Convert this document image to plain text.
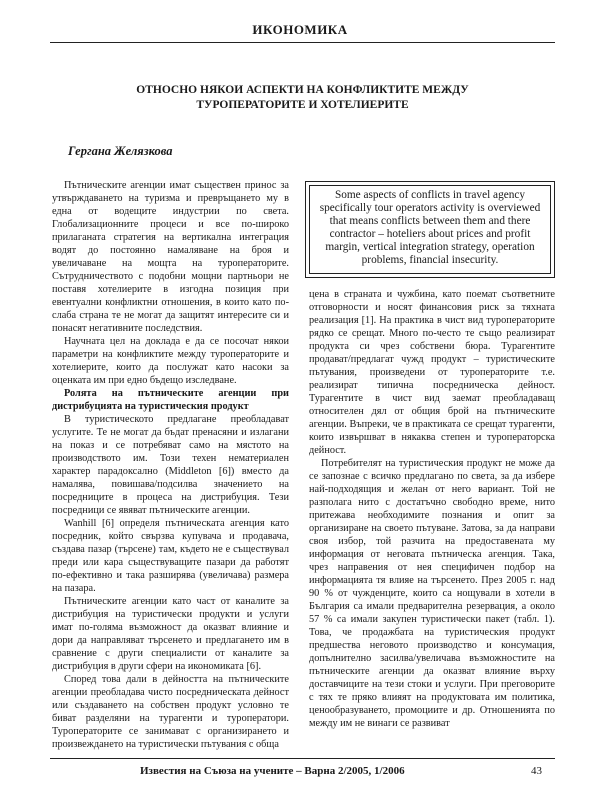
ИКОНОМИКА
ОТНОСНО НЯКОИ АСПЕКТИ НА КОНФЛИКТИТЕ МЕЖДУ
ТУРОПЕРАТОРИТЕ И ХОТЕЛИЕРИТЕ
Гергана Желязкова
Some aspects of conflicts in travel agency specifically tour operators activity is overviewed that means conflicts between them and there contractor – hoteliers about prices and profit margin, vertical integration strategy, operation problems, financial insecurity.

Пътническите агенции имат съществен принос за утвърждаването на туризма и превръщането му в една от водещите индустрии по света. Глобализационните процеси и все по-широко прилаганата стратегия на вертикална интеграция водят до постоянно намаляване на броя и увеличаване на мощта на туроператорите. Сътрудничеството с подобни мощни партньори не поставя хотелиерите в изгодна позиция при евентуални конфликтни отношения, в които като по-слаба страна те не могат да защитят интересите си и понасят негативните последствия.

Научната цел на доклада е да се посочат някои параметри на конфликтите между туроператорите и хотелиерите, които да послужат като насоки за оценката им при едно бъдещо изследване.

Ролята на пътническите агенции при дистрибуцията на туристическия продукт

В туристическото предлагане преобладават услугите. Те не могат да бъдат пренасяни и излагани на показ и се потребяват само на мястото на производството им. Този техен нематериален характер парадоксално (Middleton [6]) вместо да намалява, повишава/подсилва значението на посредниците в процеса на дистрибуция. Тези посредници се явяват пътническите агенции.

Wanhill [6] определя пътническата агенция като посредник, който свързва купувача и продавача, създава пазар (търсене) там, където не е съществувал преди или кара съществуващите пазари да работят по-ефективно и така разширява (увеличава) размера на пазара.

Пътническите агенции като част от каналите за дистрибуция на туристически продукти и услуги имат по-голяма възможност да оказват влияние и дори да направляват търсенето и предлагането им в сравнение с други специалисти от каналите за дистрибуция в други сфери на икономиката [6].

Според това дали в дейността на пътническите агенции преобладава чисто посредническата дейност или създаването на собствен продукт условно те биват разделяни на турагенти и туроператори. Туроператорите се занимават с организирането и произвеждането на туристически пътувания с обща

цена в страната и чужбина, като поемат съответните отговорности и носят финансовия риск за тяхната реализация [1]. На практика в чист вид туроператорите рядко се срещат. Много по-често те също реализират продукта си чрез собствени бюра. Турагентите продават/предлагат чужд продукт – туристическите пътувания, произведени от туроператорите т.е. реализират типична посредническа дейност. Турагентите в чист вид заемат преобладаващ относителен дял от общия брой на пътническите агенции. Въпреки, че в практиката се срещат турагенти, които извършват в някаква степен и туроператорска дейност.

Потребителят на туристическия продукт не може да се запознае с всичко предлагано по света, за да избере най-подходящия и желан от него вариант. Той не разполага нито с достатъчно свободно време, нито притежава необходимите познания и опит за организиране на своето пътуване. Затова, за да направи своя избор, той разчита на предоставената му информация от неговата пътническа агенция. Така, чрез направения от нея специфичен подбор на информацията тя влияе на търсенето. През 2005 г. над 90 % от чужденците, които са нощували в хотели в България са имали предварителна резервация, а около 57 % са имали закупен туристически пакет (табл. 1). Това, че продажбата на туристическия продукт предшества неговото производство и консумация, допълнително засилва/увеличава възможностите на пътническите агенции да оказват влияние върху доставчиците на тези стоки и услуги. При преговорите с тях те пряко влияят на продуктовата им политика, ценообразуването, промоциите и др. Отношенията по между им не винаги се развиват

Известия на Съюза на учените – Варна 2/2005, 1/2006	43
